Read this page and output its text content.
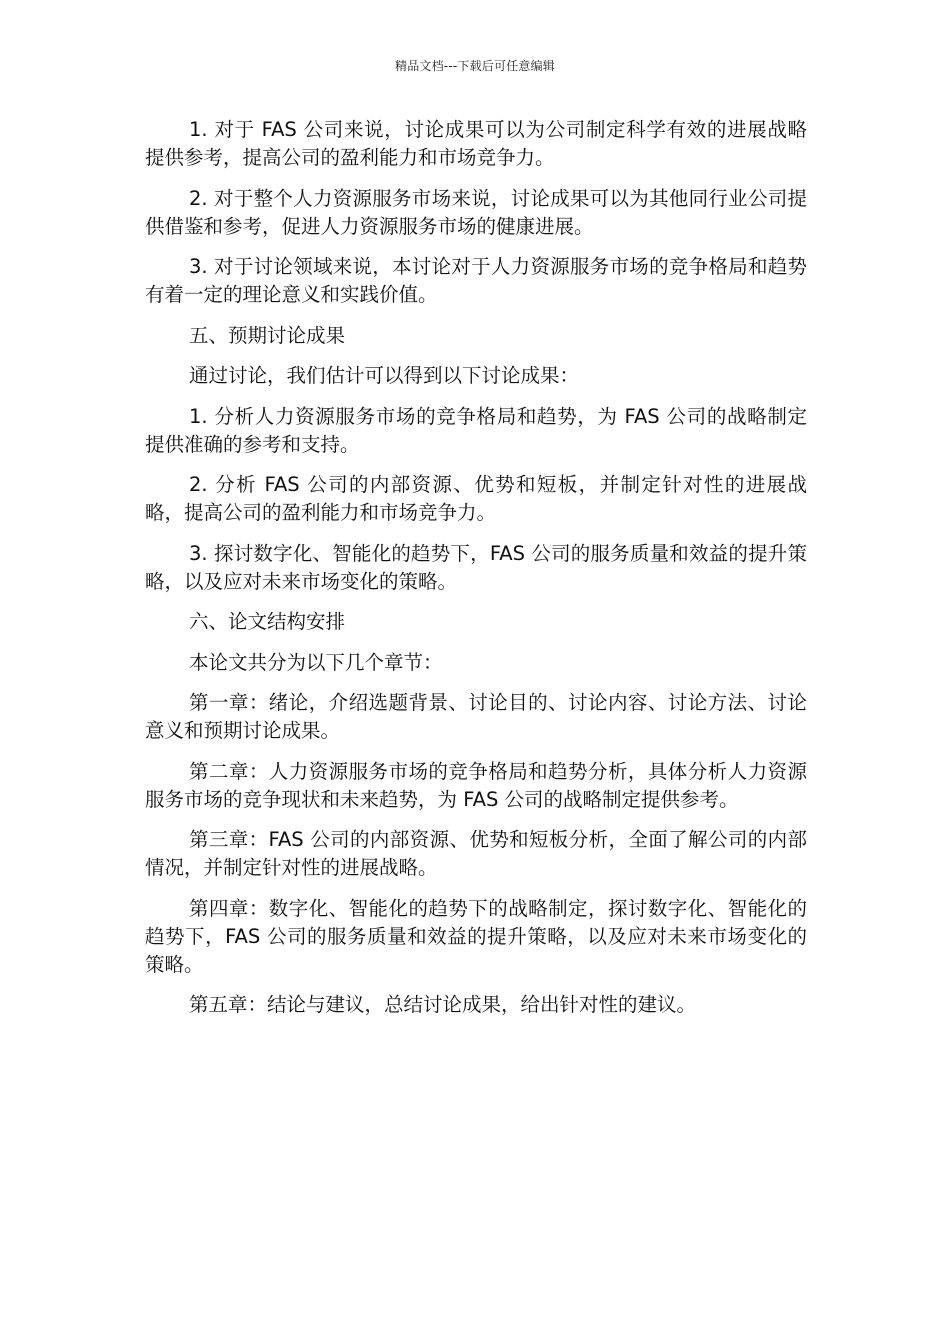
精品文档---下载后可任意编辑

1. 对于 FAS 公司来说，讨论成果可以为公司制定科学有效的进展战略提供参考，提高公司的盈利能力和市场竞争力。

2. 对于整个人力资源服务市场来说，讨论成果可以为其他同行业公司提供借鉴和参考，促进人力资源服务市场的健康进展。

3. 对于讨论领域来说，本讨论对于人力资源服务市场的竞争格局和趋势有着一定的理论意义和实践价值。

五、预期讨论成果

通过讨论，我们估计可以得到以下讨论成果：

1. 分析人力资源服务市场的竞争格局和趋势，为 FAS 公司的战略制定提供准确的参考和支持。

2. 分析 FAS 公司的内部资源、优势和短板，并制定针对性的进展战略，提高公司的盈利能力和市场竞争力。

3. 探讨数字化、智能化的趋势下，FAS 公司的服务质量和效益的提升策略，以及应对未来市场变化的策略。

六、论文结构安排

本论文共分为以下几个章节：

第一章：绪论，介绍选题背景、讨论目的、讨论内容、讨论方法、讨论意义和预期讨论成果。

第二章：人力资源服务市场的竞争格局和趋势分析，具体分析人力资源服务市场的竞争现状和未来趋势，为 FAS 公司的战略制定提供参考。

第三章：FAS 公司的内部资源、优势和短板分析，全面了解公司的内部情况，并制定针对性的进展战略。

第四章：数字化、智能化的趋势下的战略制定，探讨数字化、智能化的趋势下，FAS 公司的服务质量和效益的提升策略，以及应对未来市场变化的策略。

第五章：结论与建议，总结讨论成果，给出针对性的建议。
